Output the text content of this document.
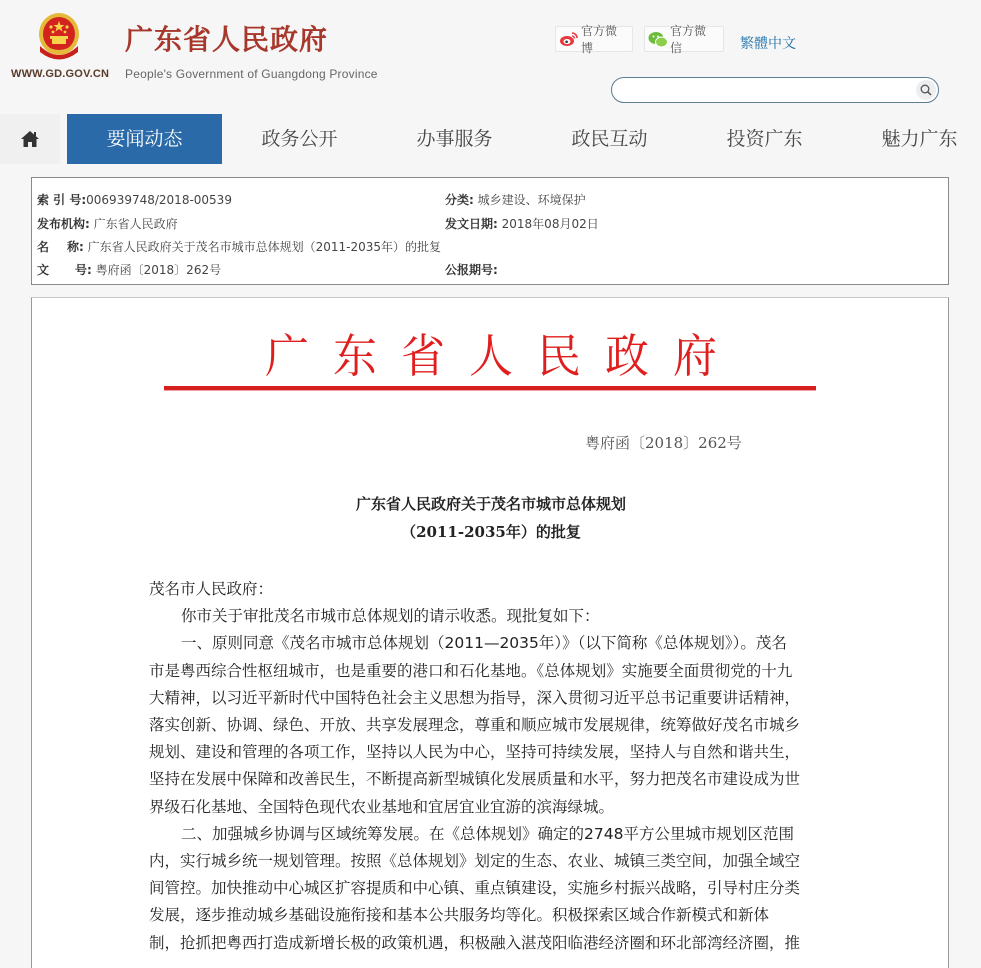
WWW.GD.GOV.CN
广东省人民政府
People's Government of Guangdong Province
官方微博
官方微信	繁體中文
要闻动态	政务公开	办事服务	政民互动	投资广东	魅力广东
索 引 号:006939748/2018-00539	分类: 城乡建设、环境保护
发布机构: 广东省人民政府	发文日期: 2018年08月02日
名 称: 广东省人民政府关于茂名市城市总体规划（2011-2035年）的批复
文 号: 粤府函〔2018〕262号	公报期号:
广东省人民政府
粤府函〔2018〕262号
广东省人民政府关于茂名市城市总体规划
（2011-2035年）的批复

茂名市人民政府：

你市关于审批茂名市城市总体规划的请示收悉。现批复如下：

一、原则同意《茂名市城市总体规划（2011—2035年）》（以下简称《总体规划》）。茂名

市是粤西综合性枢纽城市，也是重要的港口和石化基地。《总体规划》实施要全面贯彻党的十九

大精神，以习近平新时代中国特色社会主义思想为指导，深入贯彻习近平总书记重要讲话精神，

落实创新、协调、绿色、开放、共享发展理念，尊重和顺应城市发展规律，统筹做好茂名市城乡

规划、建设和管理的各项工作，坚持以人民为中心，坚持可持续发展，坚持人与自然和谐共生，

坚持在发展中保障和改善民生，不断提高新型城镇化发展质量和水平，努力把茂名市建设成为世

界级石化基地、全国特色现代农业基地和宜居宜业宜游的滨海绿城。

二、加强城乡协调与区域统筹发展。在《总体规划》确定的2748平方公里城市规划区范围

内，实行城乡统一规划管理。按照《总体规划》划定的生态、农业、城镇三类空间，加强全域空

间管控。加快推动中心城区扩容提质和中心镇、重点镇建设，实施乡村振兴战略，引导村庄分类

发展，逐步推动城乡基础设施衔接和基本公共服务均等化。积极探索区域合作新模式和新体

制，抢抓把粤西打造成新增长极的政策机遇，积极融入湛茂阳临港经济圈和环北部湾经济圈，推
